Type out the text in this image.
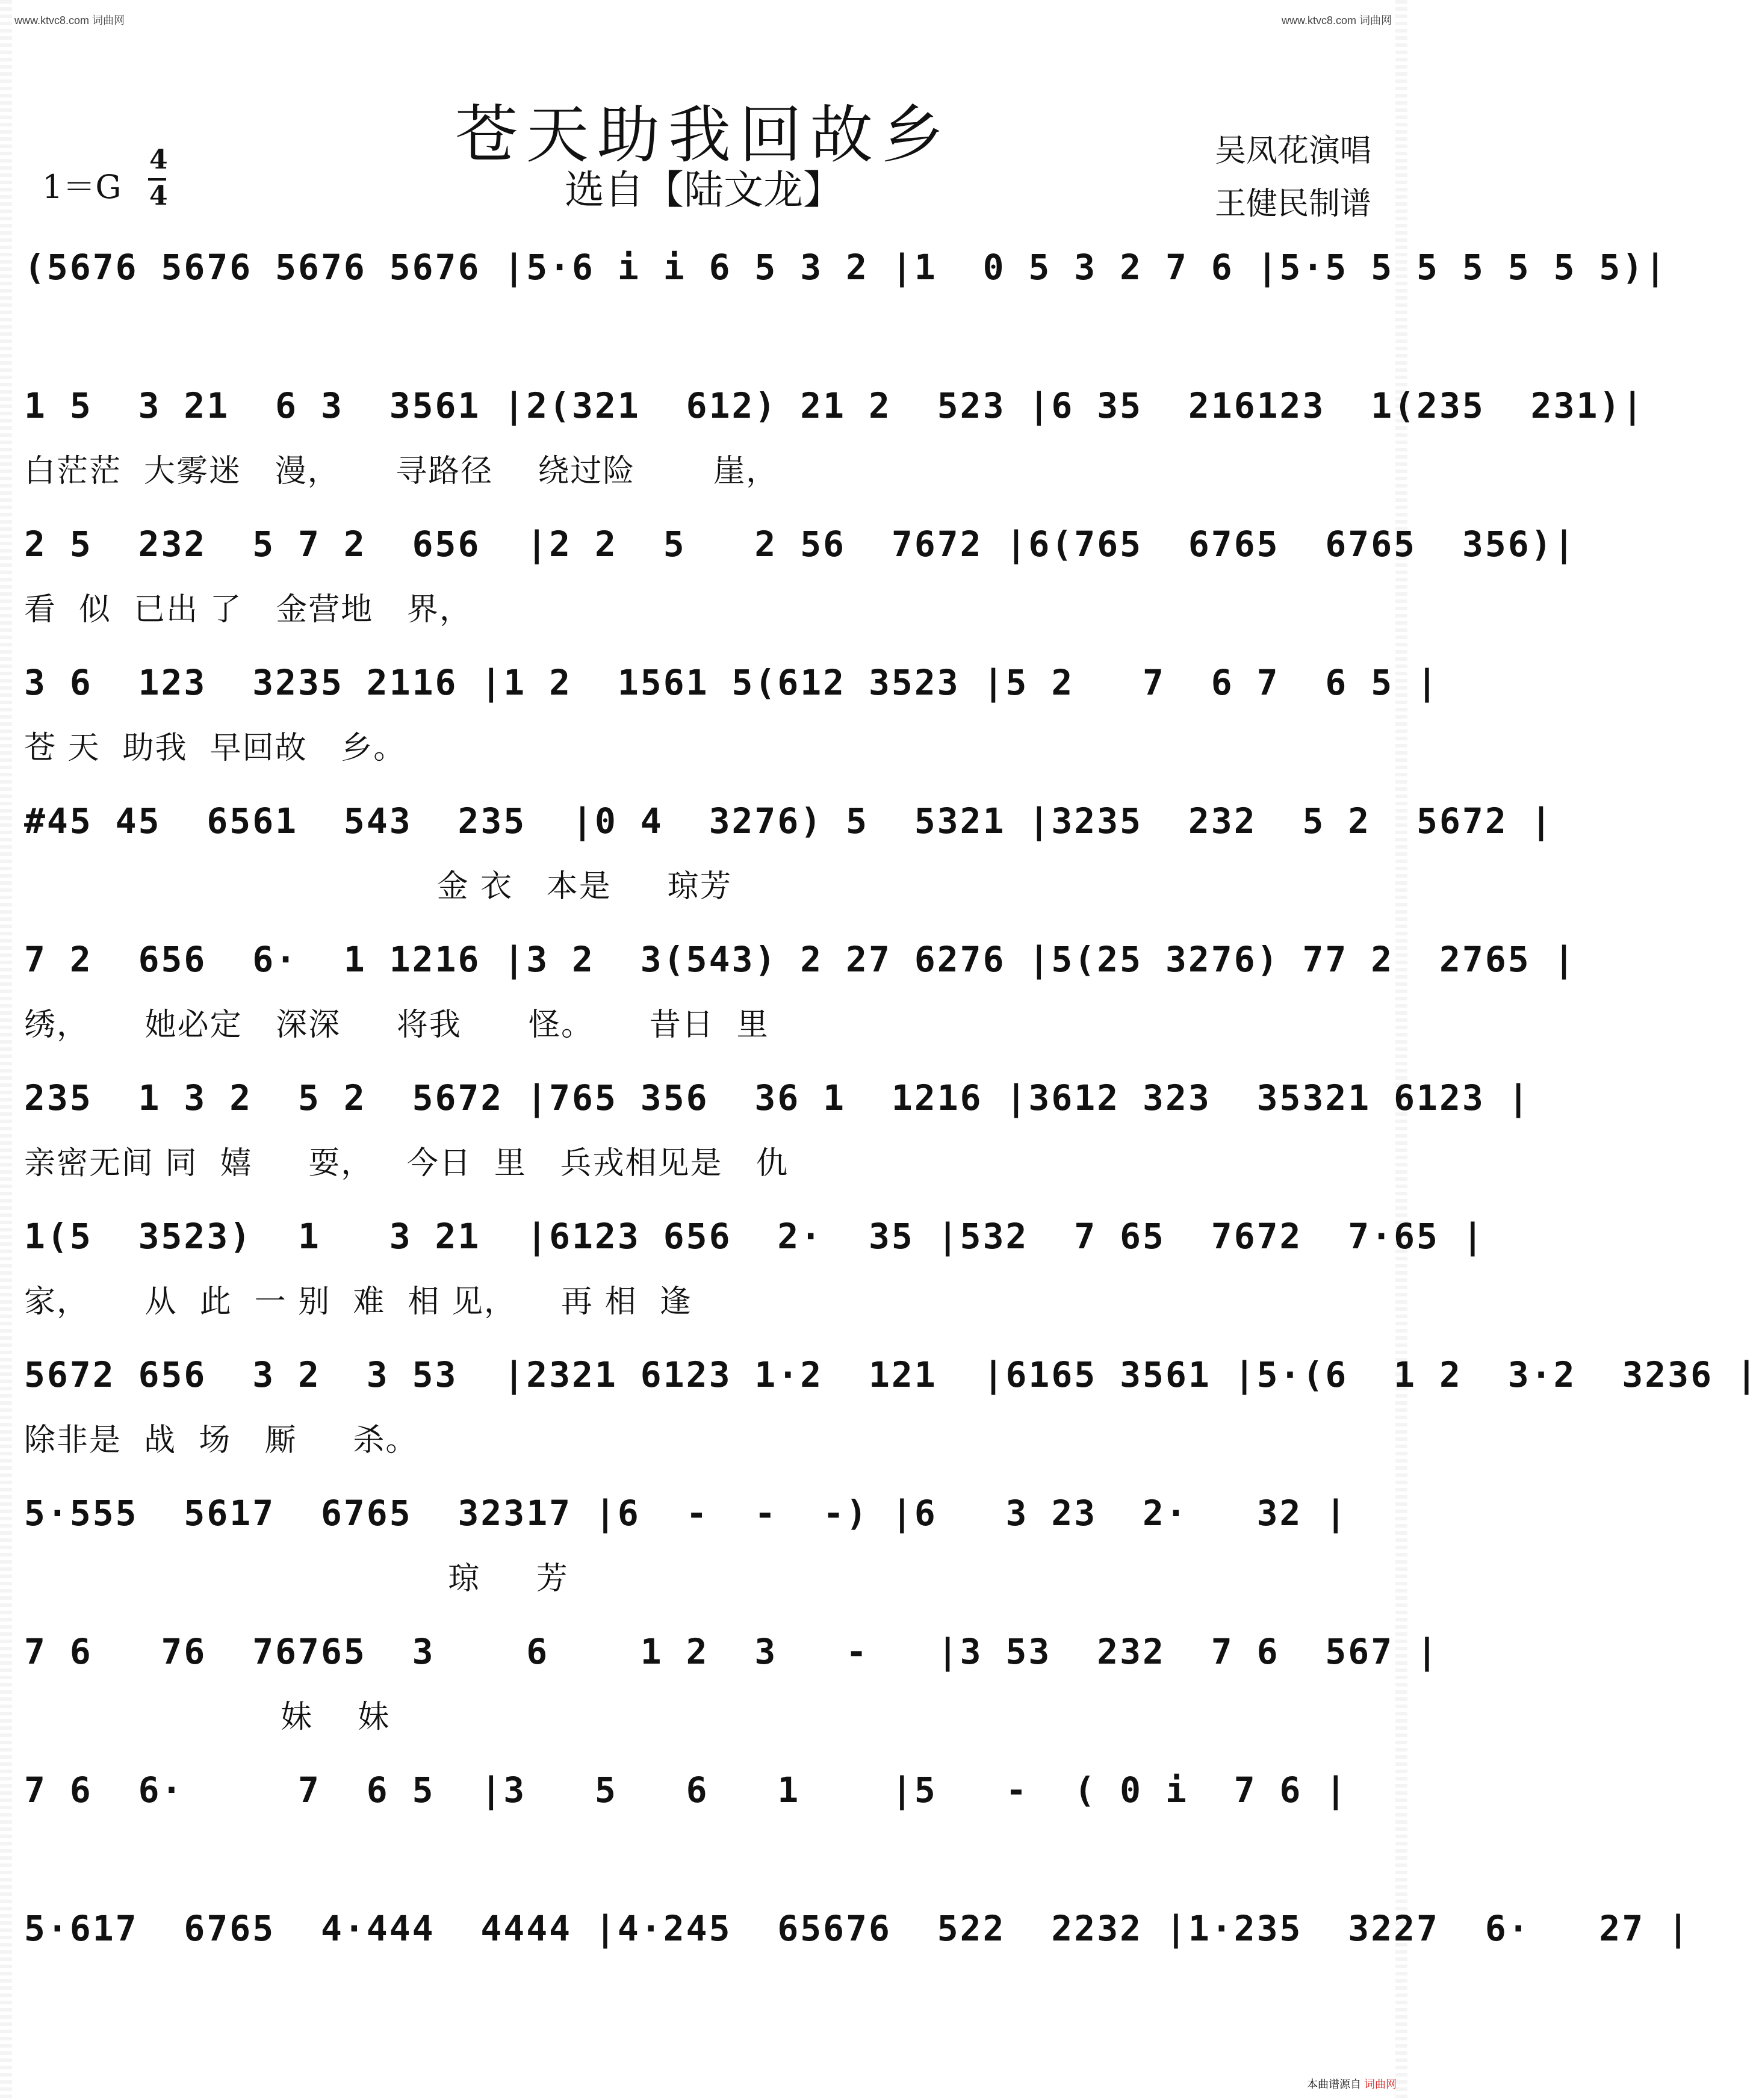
www.ktvc8.com 词曲网	www.ktvc8.com 词曲网
苍天助我回故乡
选自【陆文龙】
1＝G
4
4
吴凤花演唱
王健民制谱
(5676 5676 5676 5676 |5·6 i i 6 5 3 2 |1  0 5 3 2 7 6 |5·5 5 5 5 5 5 5)|
1 5  3 21  6 3  3561 |2(321  612) 21 2  523 |6 35  216123  1(235  231)|
白茫茫  大雾迷   漫，     寻路径    绕过险       崖，
2 5  232  5 7 2  656  |2 2  5   2 56  7672 |6(765  6765  6765  356)|
看  似  已出 了   金营地   界，
3 6  123  3235 2116 |1 2  1561 5(612 3523 |5 2   7  6 7  6 5 |
苍 天  助我  早回故   乡。
#45 45  6561  543  235  |0 4  3276) 5  5321 |3235  232  5 2  5672 |
金 衣   本是     琼芳
7 2  656  6·  1 1216 |3 2  3(543) 2 27 6276 |5(25 3276) 77 2  2765 |
绣，     她必定   深深     将我      怪。     昔日  里
235  1 3 2  5 2  5672 |765 356  36 1  1216 |3612 323  35321 6123 |
亲密无间 同  嬉     耍，   今日  里   兵戎相见是   仇
1(5  3523)  1   3 21  |6123 656  2·  35 |532  7 65  7672  7·65 |
家，     从  此  一 别  难  相 见，    再 相  逢
5672 656  3 2  3 53  |2321 6123 1·2  121  |6165 3561 |5·(6  1 2  3·2  3236 |
除非是  战  场   厮     杀。
5·555  5617  6765  32317 |6  -  -  -) |6   3 23  2·   32 |
琼     芳
7 6   76  76765  3    6    1 2  3   -   |3 53  232  7 6  567 |
妹    妹
7 6  6·     7  6 5  |3   5   6   1    |5   -  ( 0 i  7 6 |
5·617  6765  4·444  4444 |4·245  65676  522  2232 |1·235  3227  6·   27 |
本曲谱源自 词曲网
